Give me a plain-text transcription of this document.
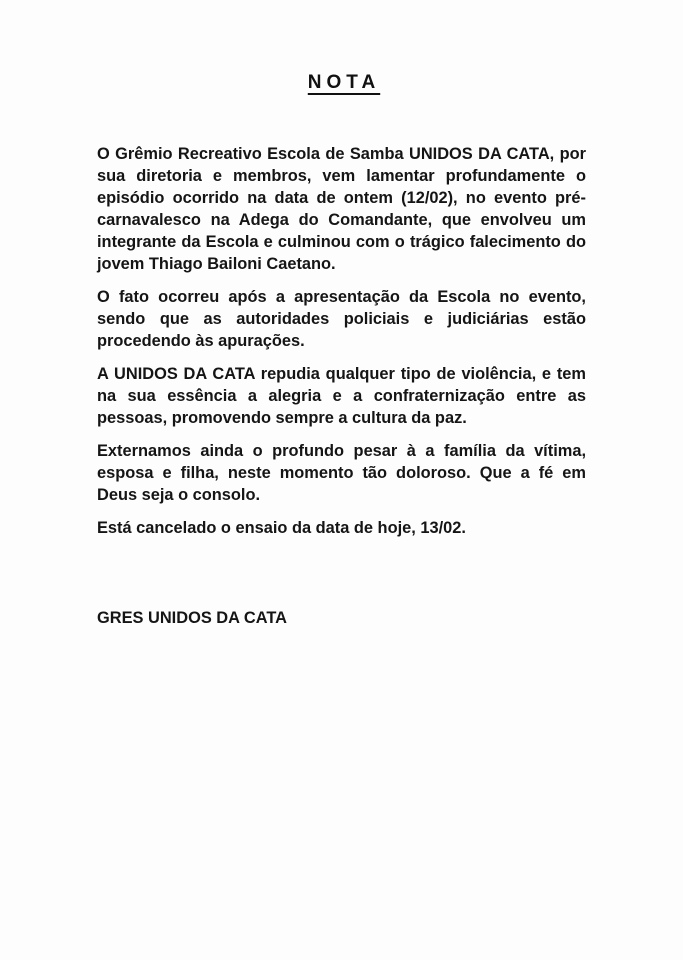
NOTA

O Grêmio Recreativo Escola de Samba UNIDOS DA CATA, por sua diretoria e membros, vem lamentar profundamente o episódio ocorrido na data de ontem (12/02), no evento pré-carnavalesco na Adega do Comandante, que envolveu um integrante da Escola e culminou com o trágico falecimento do jovem Thiago Bailoni Caetano.

O fato ocorreu após a apresentação da Escola no evento, sendo que as autoridades policiais e judiciárias estão procedendo às apurações.

A UNIDOS DA CATA repudia qualquer tipo de violência, e tem na sua essência a alegria e a confraternização entre as pessoas, promovendo sempre a cultura da paz.

Externamos ainda o profundo pesar à a família da vítima, esposa e filha, neste momento tão doloroso. Que a fé em Deus seja o consolo.

Está cancelado o ensaio da data de hoje, 13/02.

GRES UNIDOS DA CATA
